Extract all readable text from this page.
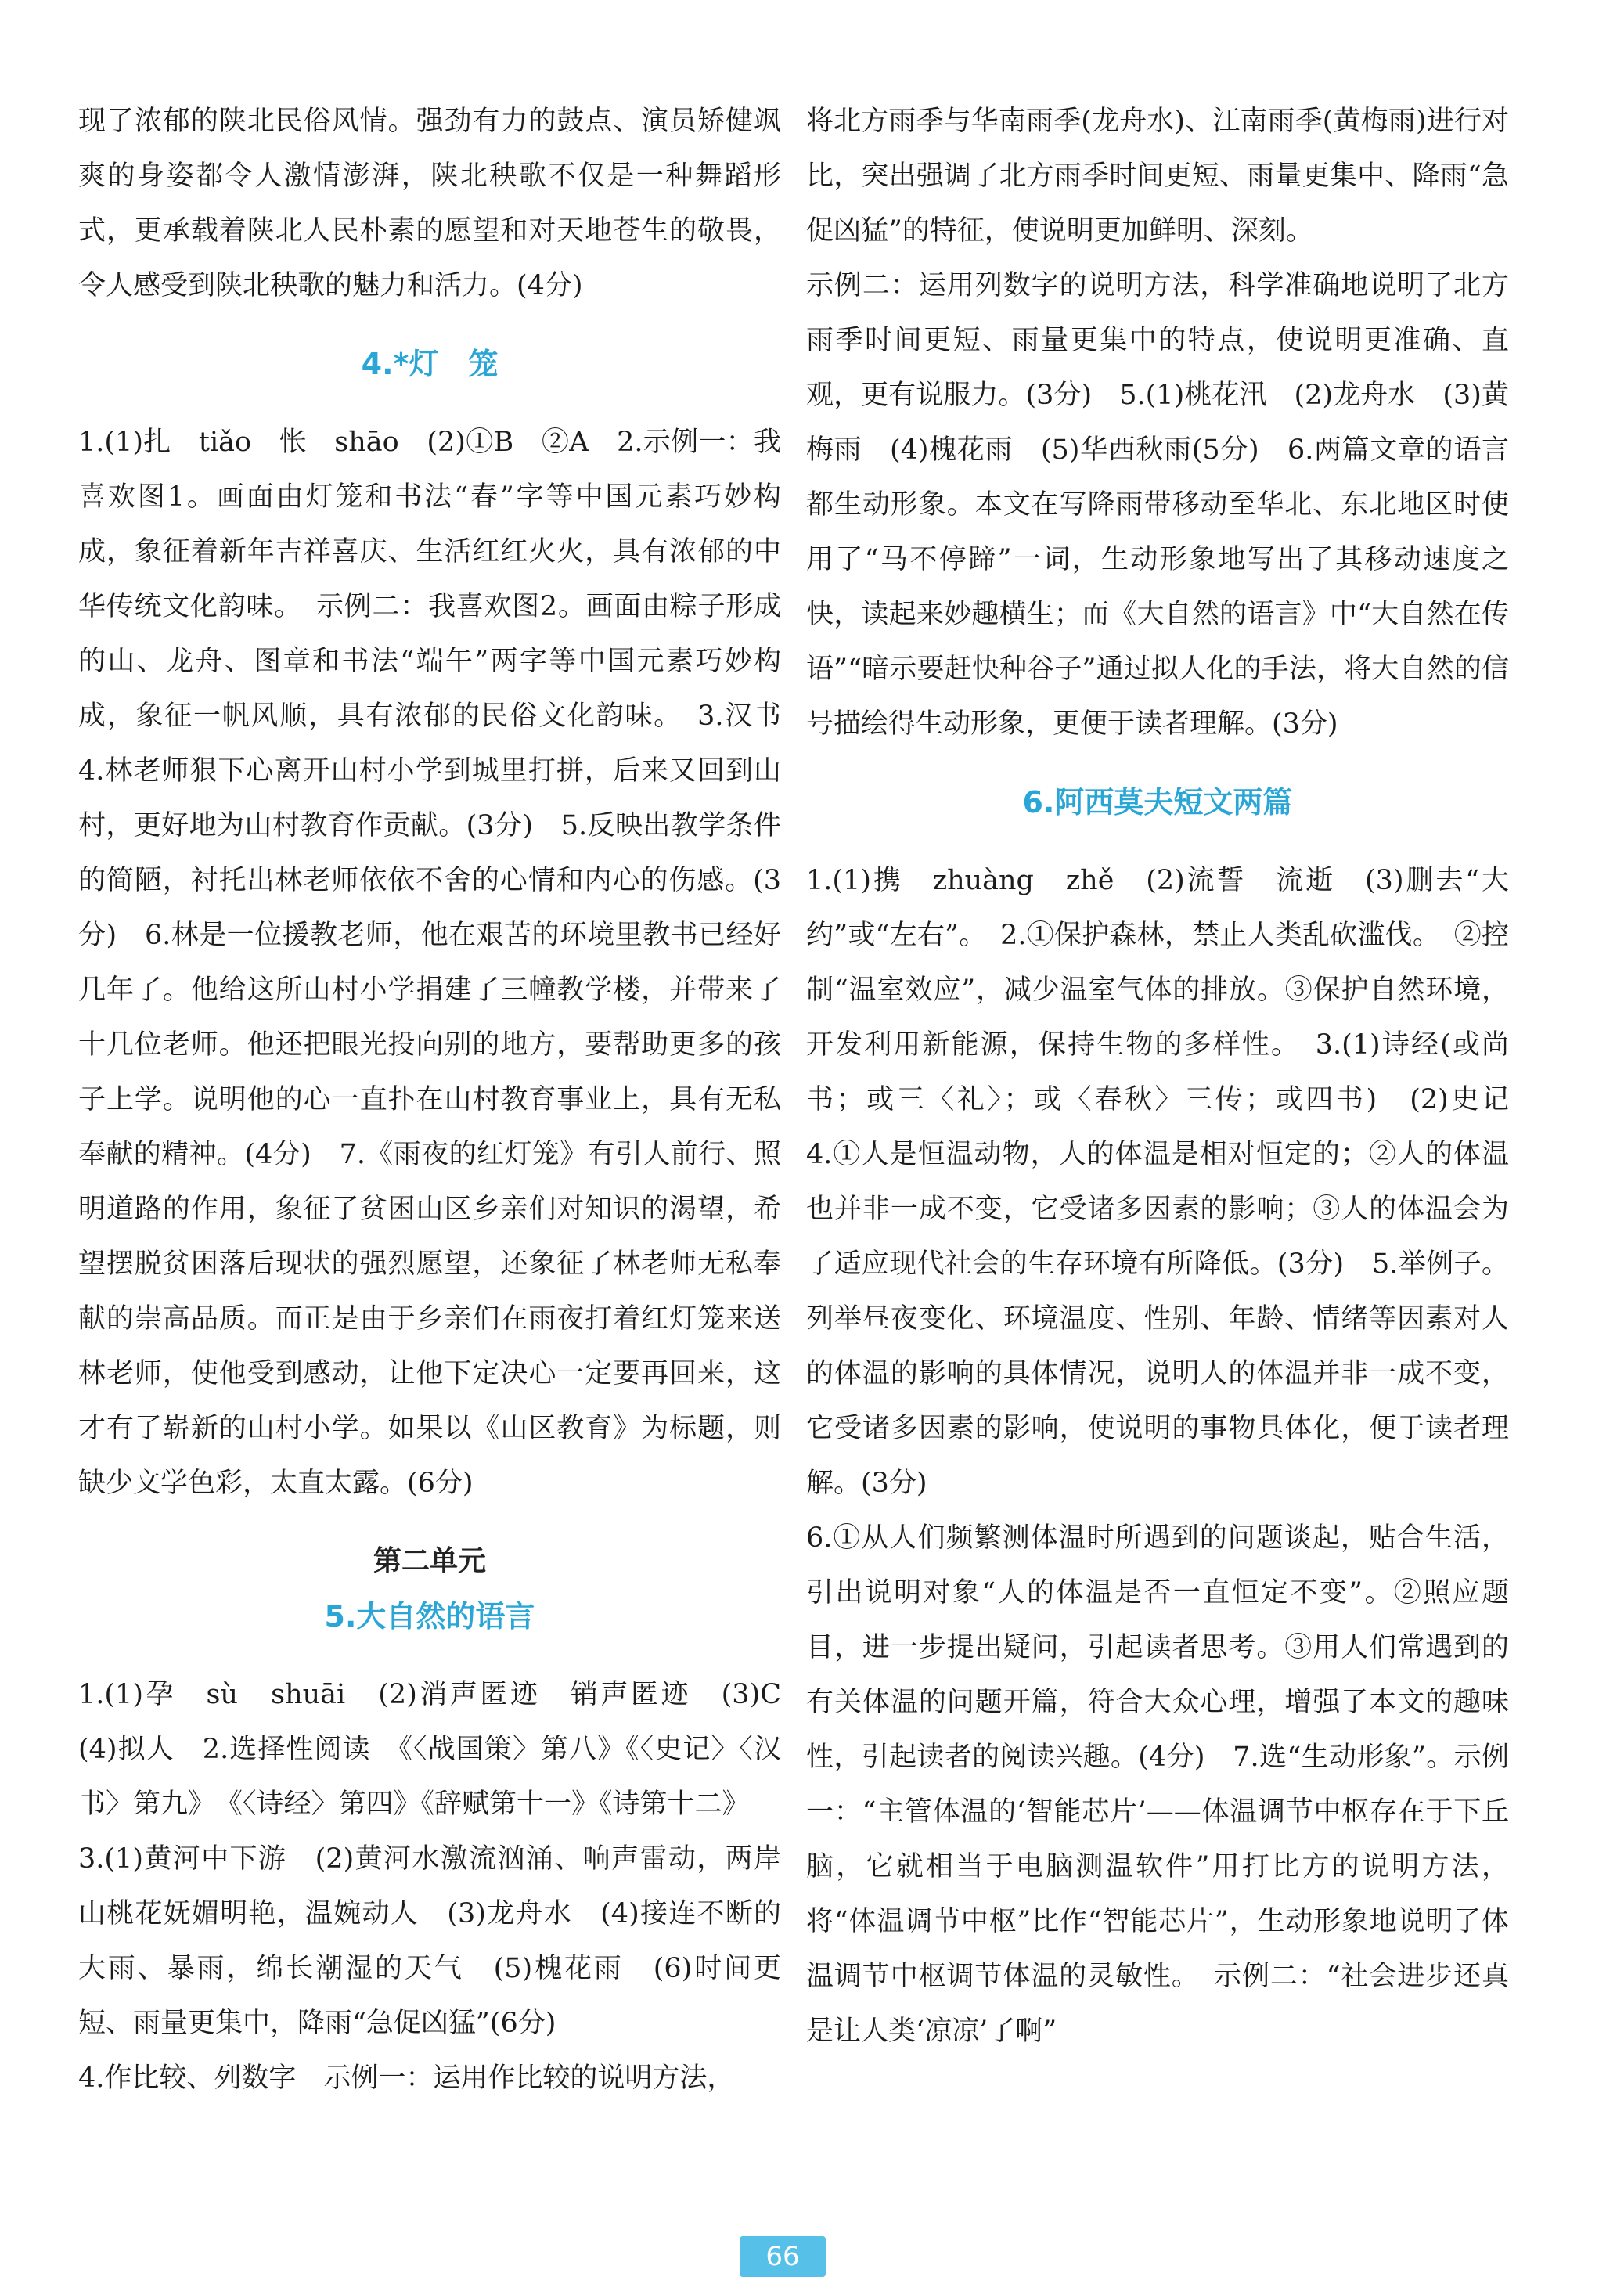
现了浓郁的陕北民俗风情。强劲有力的鼓点、演员矫健飒爽的身姿都令人激情澎湃，陕北秧歌不仅是一种舞蹈形式，更承载着陕北人民朴素的愿望和对天地苍生的敬畏，令人感受到陕北秧歌的魅力和活力。(4分)

4.*灯　笼

1.(1)扎　tiǎo　怅　shāo　(2)①B　②A　2.示例一：我喜欢图1。画面由灯笼和书法“春”字等中国元素巧妙构成，象征着新年吉祥喜庆、生活红红火火，具有浓郁的中华传统文化韵味。　示例二：我喜欢图2。画面由粽子形成的山、龙舟、图章和书法“端午”两字等中国元素巧妙构成，象征一帆风顺，具有浓郁的民俗文化韵味。　3.汉书　4.林老师狠下心离开山村小学到城里打拼，后来又回到山村，更好地为山村教育作贡献。(3分)　5.反映出教学条件的简陋，衬托出林老师依依不舍的心情和内心的伤感。(3分)　6.林是一位援教老师，他在艰苦的环境里教书已经好几年了。他给这所山村小学捐建了三幢教学楼，并带来了十几位老师。他还把眼光投向别的地方，要帮助更多的孩子上学。说明他的心一直扑在山村教育事业上，具有无私奉献的精神。(4分)　7.《雨夜的红灯笼》有引人前行、照明道路的作用，象征了贫困山区乡亲们对知识的渴望，希望摆脱贫困落后现状的强烈愿望，还象征了林老师无私奉献的崇高品质。而正是由于乡亲们在雨夜打着红灯笼来送林老师，使他受到感动，让他下定决心一定要再回来，这才有了崭新的山村小学。如果以《山区教育》为标题，则缺少文学色彩，太直太露。(6分)

第二单元

5.大自然的语言

1.(1)孕　sù　shuāi　(2)消声匿迹　销声匿迹　(3)C　(4)拟人　2.选择性阅读　《〈战国策〉第八》《〈史记〉〈汉书〉第九》　《〈诗经〉第四》《辞赋第十一》《诗第十二》

3.(1)黄河中下游　(2)黄河水激流汹涌、响声雷动，两岸山桃花妩媚明艳，温婉动人　(3)龙舟水　(4)接连不断的大雨、暴雨，绵长潮湿的天气　(5)槐花雨　(6)时间更短、雨量更集中，降雨“急促凶猛”(6分)

4.作比较、列数字　示例一：运用作比较的说明方法，

将北方雨季与华南雨季(龙舟水)、江南雨季(黄梅雨)进行对比，突出强调了北方雨季时间更短、雨量更集中、降雨“急促凶猛”的特征，使说明更加鲜明、深刻。

示例二：运用列数字的说明方法，科学准确地说明了北方雨季时间更短、雨量更集中的特点，使说明更准确、直观，更有说服力。(3分)　5.(1)桃花汛　(2)龙舟水　(3)黄梅雨　(4)槐花雨　(5)华西秋雨(5分)　6.两篇文章的语言都生动形象。本文在写降雨带移动至华北、东北地区时使用了“马不停蹄”一词，生动形象地写出了其移动速度之快，读起来妙趣横生；而《大自然的语言》中“大自然在传语”“暗示要赶快种谷子”通过拟人化的手法，将大自然的信号描绘得生动形象，更便于读者理解。(3分)

6.阿西莫夫短文两篇

1.(1)携　zhuàng　zhě　(2)流誓　流逝　(3)删去“大约”或“左右”。　2.①保护森林，禁止人类乱砍滥伐。　②控制“温室效应”，减少温室气体的排放。③保护自然环境，开发利用新能源，保持生物的多样性。　3.(1)诗经(或尚书；或三〈礼〉；或〈春秋〉三传；或四书)　(2)史记　4.①人是恒温动物，人的体温是相对恒定的；②人的体温也并非一成不变，它受诸多因素的影响；③人的体温会为了适应现代社会的生存环境有所降低。(3分)　5.举例子。列举昼夜变化、环境温度、性别、年龄、情绪等因素对人的体温的影响的具体情况，说明人的体温并非一成不变，它受诸多因素的影响，使说明的事物具体化，便于读者理解。(3分)

6.①从人们频繁测体温时所遇到的问题谈起，贴合生活，引出说明对象“人的体温是否一直恒定不变”。②照应题目，进一步提出疑问，引起读者思考。③用人们常遇到的有关体温的问题开篇，符合大众心理，增强了本文的趣味性，引起读者的阅读兴趣。(4分)　7.选“生动形象”。示例一：“主管体温的‘智能芯片’——体温调节中枢存在于下丘脑，它就相当于电脑测温软件”用打比方的说明方法，将“体温调节中枢”比作“智能芯片”，生动形象地说明了体温调节中枢调节体温的灵敏性。　示例二：“社会进步还真是让人类‘凉凉’了啊”

66
